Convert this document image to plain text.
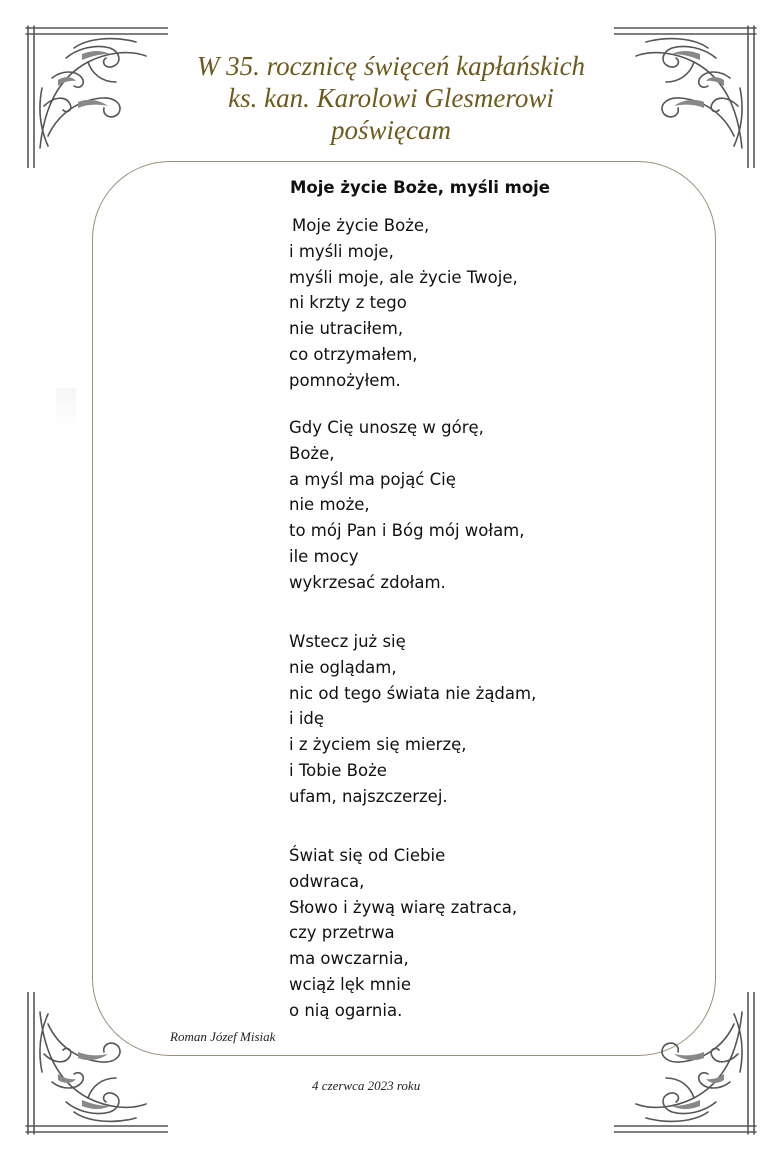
W 35. rocznicę święceń kapłańskich
ks. kan. Karolowi Glesmerowi
poświęcam
Moje życie Boże, myśli moje
Moje życie Boże,
i myśli moje,
myśli moje, ale życie Twoje,
ni krzty z tego
nie utraciłem,
co otrzymałem,
pomnożyłem.
Gdy Cię unoszę w górę,
Boże,
a myśl ma pojąć Cię
nie może,
to mój Pan i Bóg mój wołam,
ile mocy
wykrzesać zdołam.
Wstecz już się
nie oglądam,
nic od tego świata nie żądam,
i idę
i z życiem się mierzę,
i Tobie Boże
ufam, najszczerzej.
Świat się od Ciebie
odwraca,
Słowo i żywą wiarę zatraca,
czy przetrwa
ma owczarnia,
wciąż lęk mnie
o nią ogarnia.
Roman Józef Misiak
4 czerwca 2023 roku
